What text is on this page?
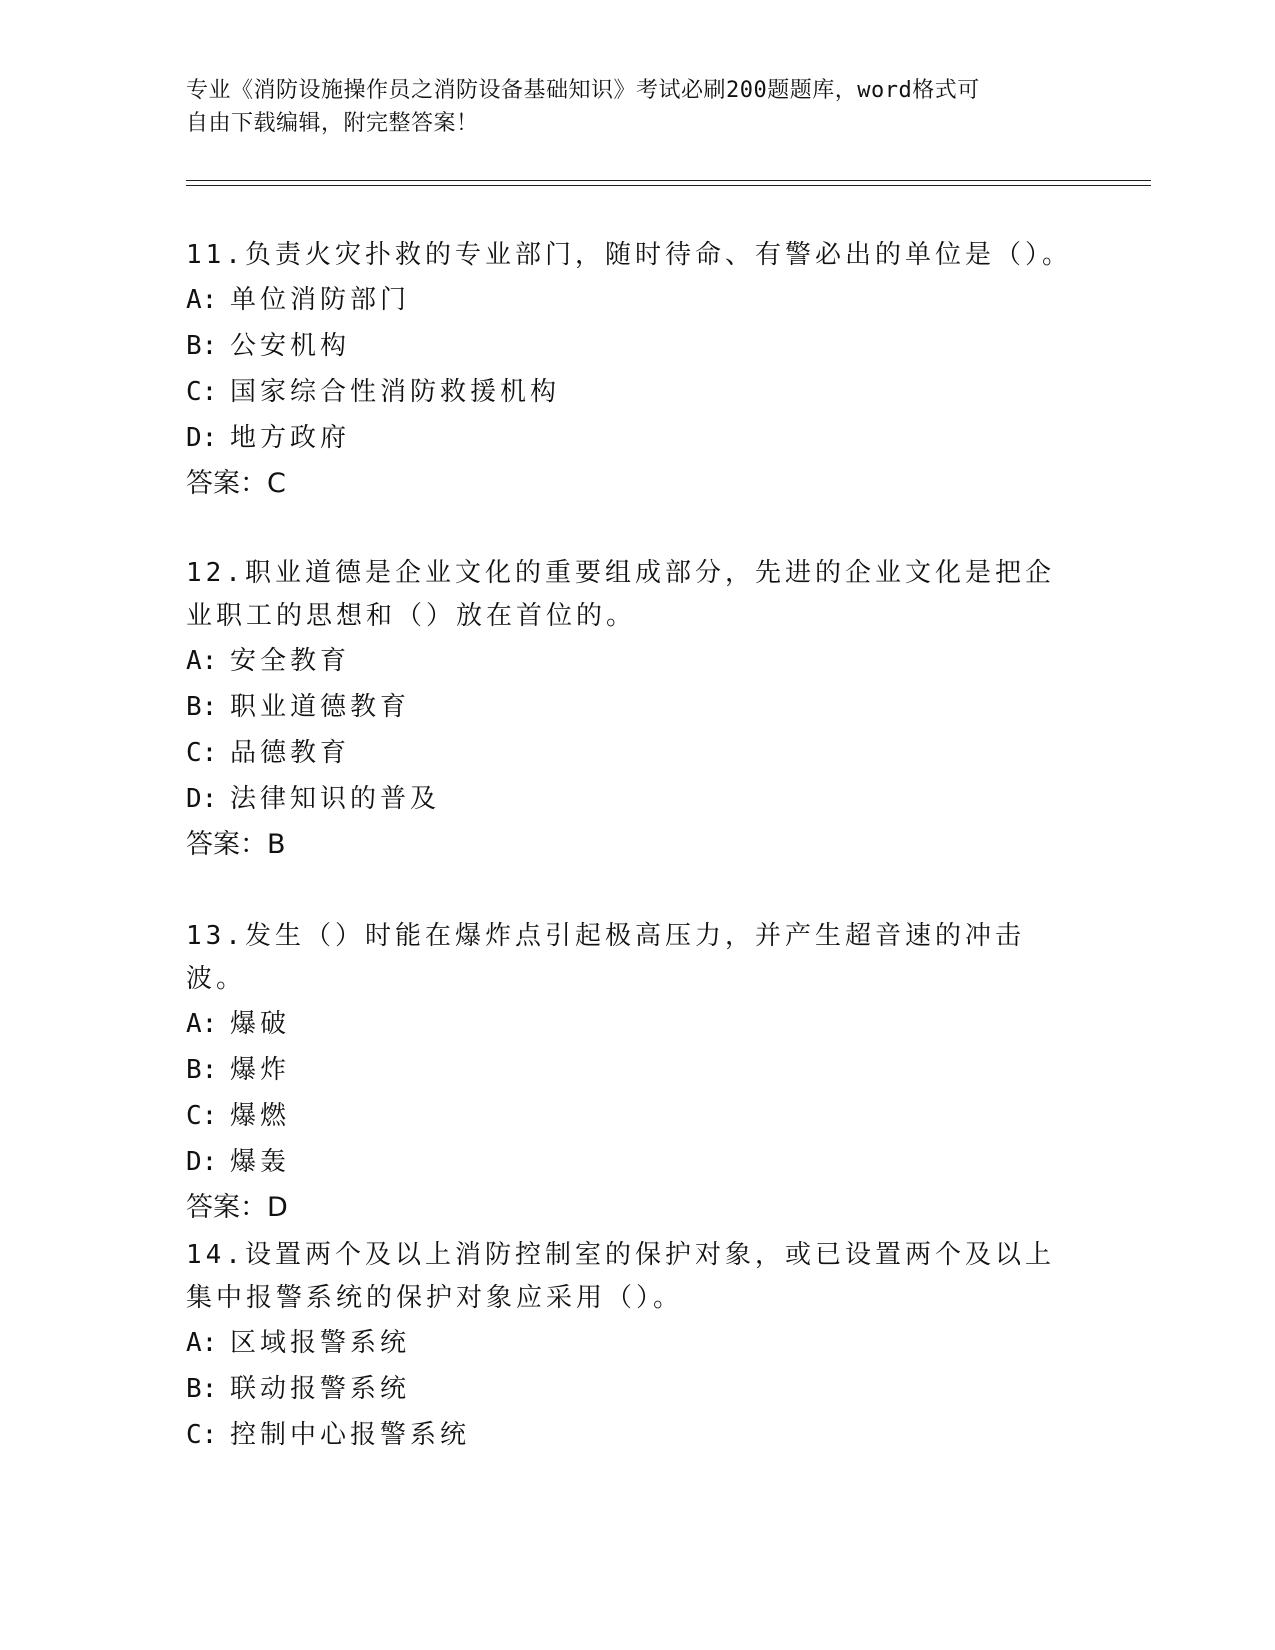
专业《消防设施操作员之消防设备基础知识》考试必刷200题题库，word格式可
自由下载编辑，附完整答案！

11.负责火灾扑救的专业部门，随时待命、有警必出的单位是（）。

A: 单位消防部门

B: 公安机构

C: 国家综合性消防救援机构

D: 地方政府

答案：C

12.职业道德是企业文化的重要组成部分，先进的企业文化是把企业职工的思想和（）放在首位的。

A: 安全教育

B: 职业道德教育

C: 品德教育

D: 法律知识的普及

答案：B

13.发生（）时能在爆炸点引起极高压力，并产生超音速的冲击波。

A: 爆破

B: 爆炸

C: 爆燃

D: 爆轰

答案：D

14.设置两个及以上消防控制室的保护对象，或已设置两个及以上集中报警系统的保护对象应采用（）。

A: 区域报警系统

B: 联动报警系统

C: 控制中心报警系统
